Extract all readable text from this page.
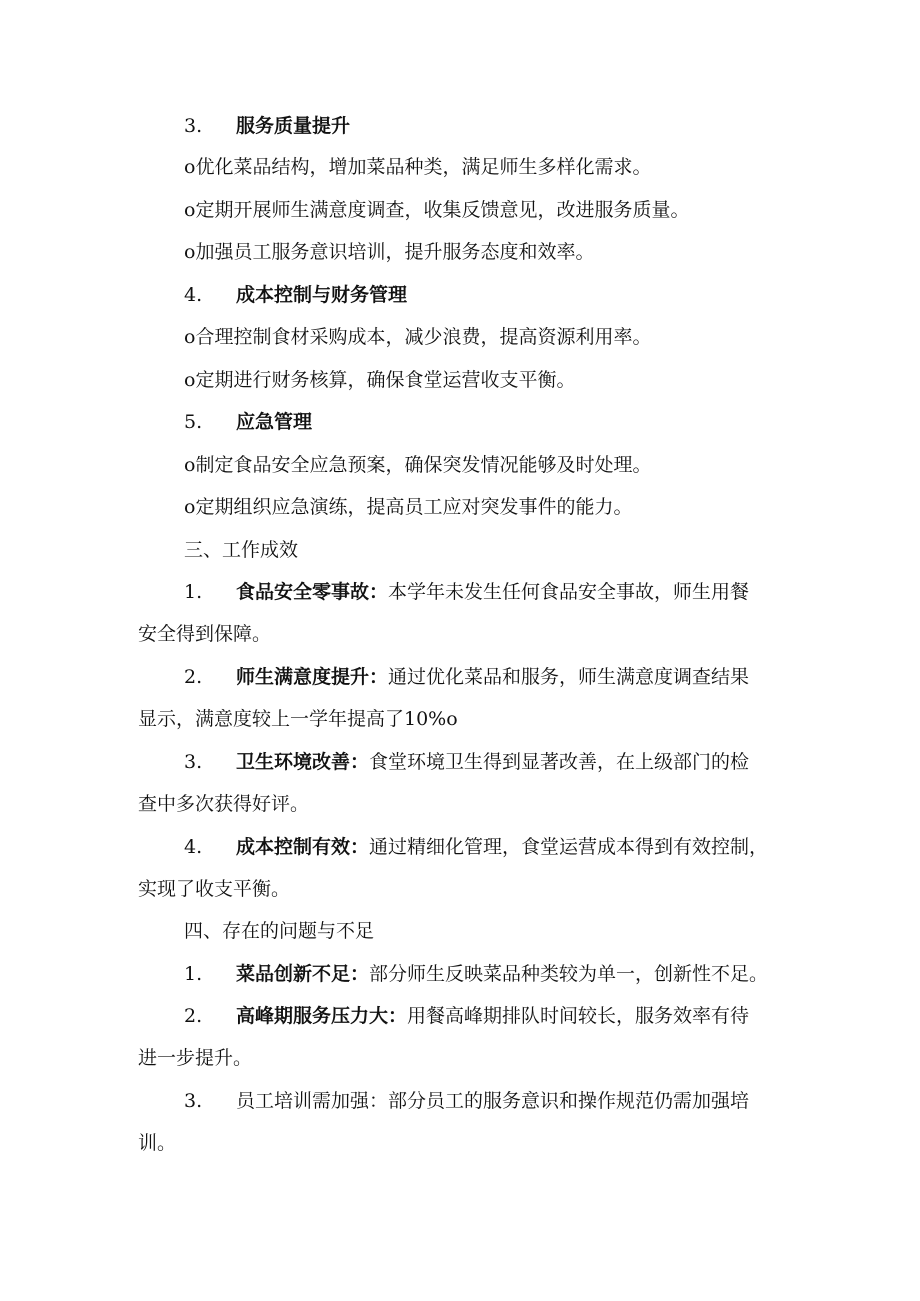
3. 服务质量提升
o优化菜品结构，增加菜品种类，满足师生多样化需求。
o定期开展师生满意度调查，收集反馈意见，改进服务质量。
o加强员工服务意识培训，提升服务态度和效率。
4. 成本控制与财务管理
o合理控制食材采购成本，减少浪费，提高资源利用率。
o定期进行财务核算，确保食堂运营收支平衡。
5. 应急管理
o制定食品安全应急预案，确保突发情况能够及时处理。
o定期组织应急演练，提高员工应对突发事件的能力。
三、工作成效
1. 食品安全零事故：本学年未发生任何食品安全事故，师生用餐
安全得到保障。
2. 师生满意度提升：通过优化菜品和服务，师生满意度调查结果
显示，满意度较上一学年提高了10%o
3. 卫生环境改善：食堂环境卫生得到显著改善，在上级部门的检
查中多次获得好评。
4. 成本控制有效：通过精细化管理，食堂运营成本得到有效控制，
实现了收支平衡。
四、存在的问题与不足
1. 菜品创新不足：部分师生反映菜品种类较为单一，创新性不足。
2. 高峰期服务压力大：用餐高峰期排队时间较长，服务效率有待
进一步提升。
3. 员工培训需加强：部分员工的服务意识和操作规范仍需加强培
训。
